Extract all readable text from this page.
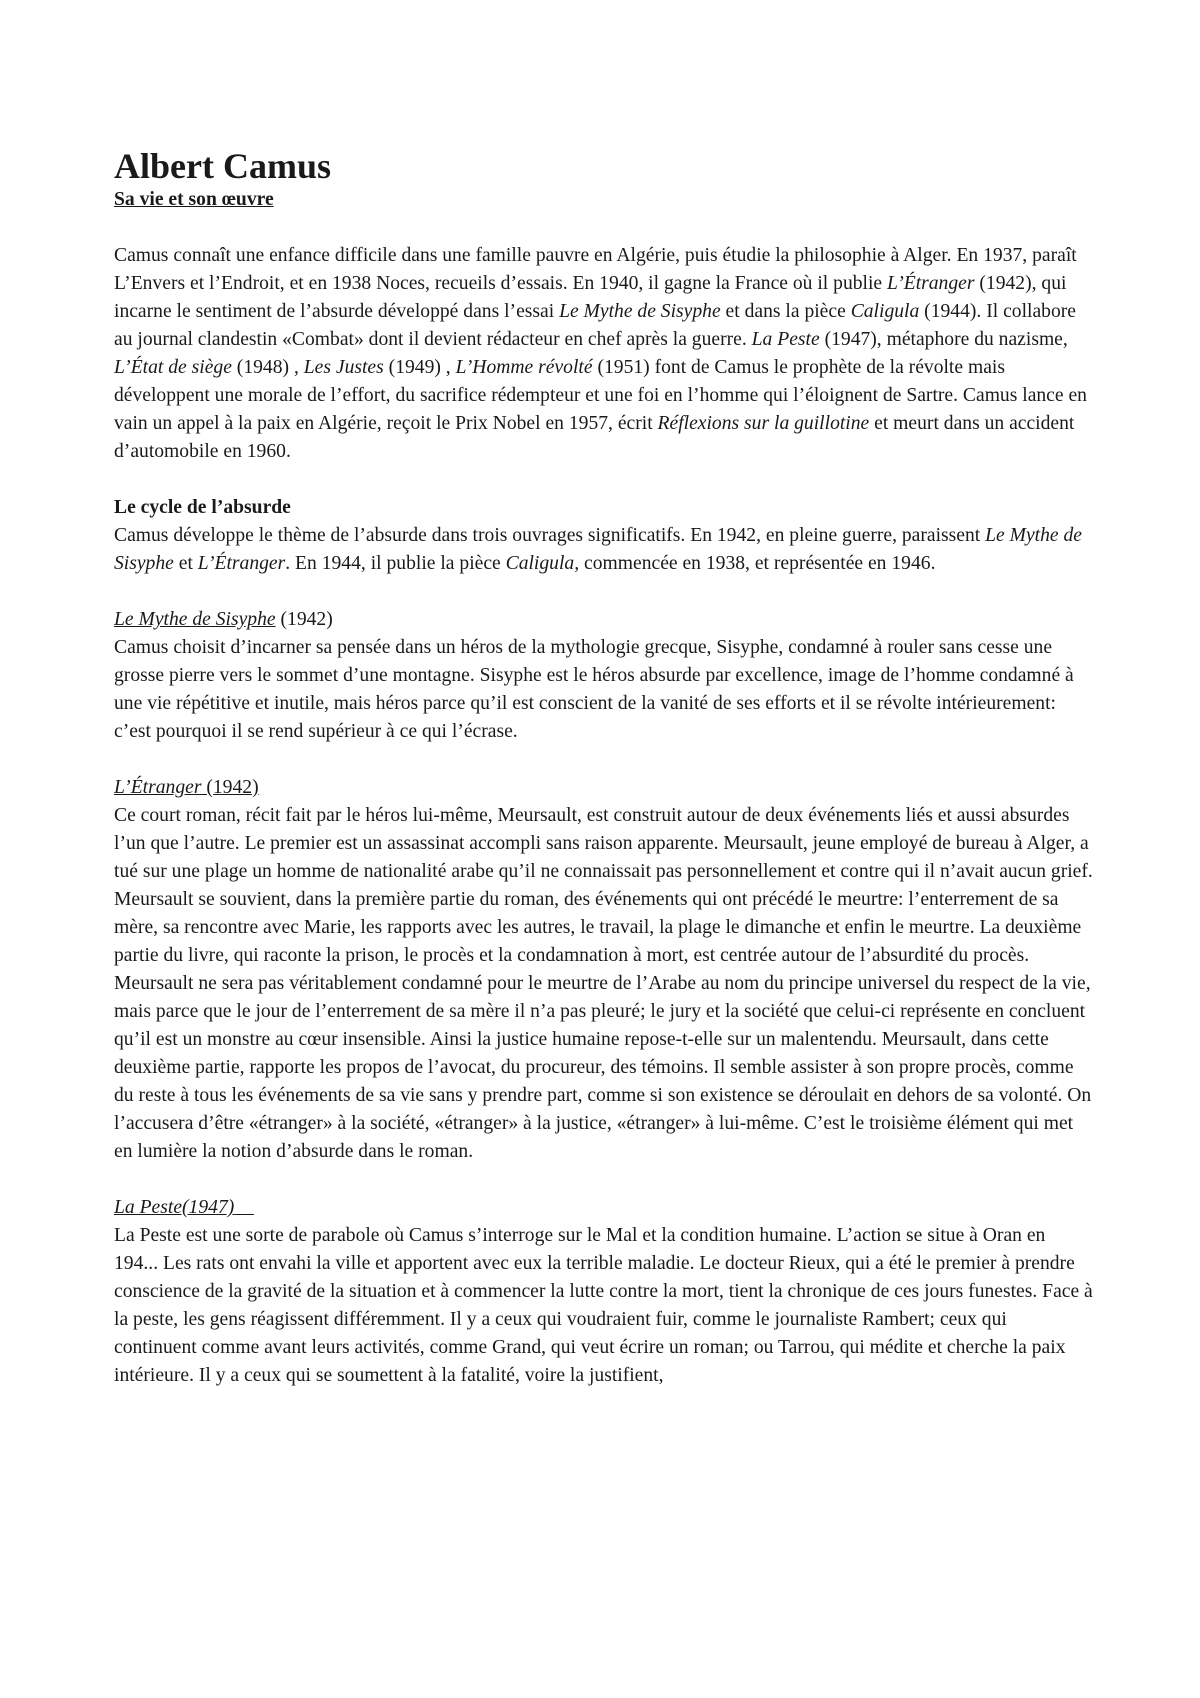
Albert Camus

Sa vie et son œuvre

Camus connaît une enfance difficile dans une famille pauvre en Algérie, puis étudie la philosophie à Alger. En 1937, paraît L’Envers et l’Endroit, et en 1938 Noces, recueils d’essais. En 1940, il gagne la France où il publie L’Étranger (1942), qui incarne le sentiment de l’absurde développé dans l’essai Le Mythe de Sisyphe et dans la pièce Caligula (1944). Il collabore au journal clandestin «Combat» dont il devient rédacteur en chef après la guerre. La Peste (1947), métaphore du nazisme, L’État de siège (1948) , Les Justes (1949) , L’Homme révolté (1951) font de Camus le prophète de la révolte mais développent une morale de l’effort, du sacrifice rédempteur et une foi en l’homme qui l’éloignent de Sartre. Camus lance en vain un appel à la paix en Algérie, reçoit le Prix Nobel en 1957, écrit Réflexions sur la guillotine et meurt dans un accident d’automobile en 1960.

Le cycle de l’absurde

Camus développe le thème de l’absurde dans trois ouvrages significatifs. En 1942, en pleine guerre, paraissent Le Mythe de Sisyphe et L’Étranger. En 1944, il publie la pièce Caligula, commencée en 1938, et représentée en 1946.

Le Mythe de Sisyphe (1942)

Camus choisit d’incarner sa pensée dans un héros de la mythologie grecque, Sisyphe, condamné à rouler sans cesse une grosse pierre vers le sommet d’une montagne. Sisyphe est le héros absurde par excellence, image de l’homme condamné à une vie répétitive et inutile, mais héros parce qu’il est conscient de la vanité de ses efforts et il se révolte intérieurement: c’est pourquoi il se rend supérieur à ce qui l’écrase.

L’Étranger (1942)

Ce court roman, récit fait par le héros lui-même, Meursault, est construit autour de deux événements liés et aussi absurdes l’un que l’autre. Le premier est un assassinat accompli sans raison apparente. Meursault, jeune employé de bureau à Alger, a tué sur une plage un homme de nationalité arabe qu’il ne connaissait pas personnellement et contre qui il n’avait aucun grief. Meursault se souvient, dans la première partie du roman, des événements qui ont précédé le meurtre: l’enterrement de sa mère, sa rencontre avec Marie, les rapports avec les autres, le travail, la plage le dimanche et enfin le meurtre. La deuxième partie du livre, qui raconte la prison, le procès et la condamnation à mort, est centrée autour de l’absurdité du procès. Meursault ne sera pas véritablement condamné pour le meurtre de l’Arabe au nom du principe universel du respect de la vie, mais parce que le jour de l’enterrement de sa mère il n’a pas pleuré; le jury et la société que celui-ci représente en concluent qu’il est un monstre au cœur insensible. Ainsi la justice humaine repose-t-elle sur un malentendu. Meursault, dans cette deuxième partie, rapporte les propos de l’avocat, du procureur, des témoins. Il semble assister à son propre procès, comme du reste à tous les événements de sa vie sans y prendre part, comme si son existence se déroulait en dehors de sa volonté. On l’accusera d’être «étranger» à la société, «étranger» à la justice, «étranger» à lui-même. C’est le troisième élément qui met en lumière la notion d’absurde dans le roman.

La Peste(1947)

La Peste est une sorte de parabole où Camus s’interroge sur le Mal et la condition humaine. L’action se situe à Oran en 194... Les rats ont envahi la ville et apportent avec eux la terrible maladie. Le docteur Rieux, qui a été le premier à prendre conscience de la gravité de la situation et à commencer la lutte contre la mort, tient la chronique de ces jours funestes. Face à la peste, les gens réagissent différemment. Il y a ceux qui voudraient fuir, comme le journaliste Rambert; ceux qui continuent comme avant leurs activités, comme Grand, qui veut écrire un roman; ou Tarrou, qui médite et cherche la paix intérieure. Il y a ceux qui se soumettent à la fatalité, voire la justifient,
